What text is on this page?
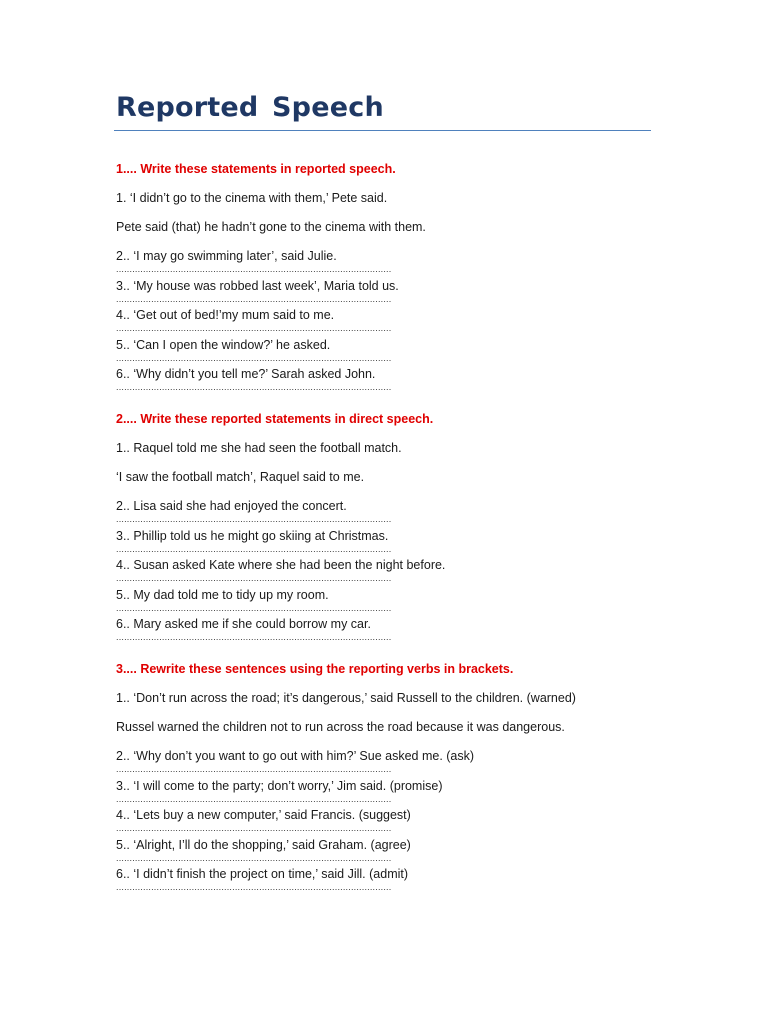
Reported Speech

1.... Write these statements in reported speech.

1. ‘I didn’t go to the cinema with them,’ Pete said.

Pete said (that) he hadn’t gone to the cinema with them.

2.. ‘I may go swimming later’, said Julie.

......................................................................................................

3.. ‘My house was robbed last week’, Maria told us.

......................................................................................................

4.. ‘Get out of bed!’my mum said to me.

......................................................................................................

5.. ‘Can I open the window?’ he asked.

......................................................................................................

6.. ‘Why didn’t you tell me?’ Sarah asked John.

......................................................................................................

2.... Write these reported statements in direct speech.

1.. Raquel told me she had seen the football match.

‘I saw the football match’, Raquel said to me.

2.. Lisa said she had enjoyed the concert.

......................................................................................................

3.. Phillip told us he might go skiing at Christmas.

......................................................................................................

4.. Susan asked Kate where she had been the night before.

......................................................................................................

5.. My dad told me to tidy up my room.

......................................................................................................

6.. Mary asked me if she could borrow my car.

......................................................................................................

3.... Rewrite these sentences using the reporting verbs in brackets.

1.. ‘Don’t run across the road; it’s dangerous,’ said Russell to the children. (warned)

Russel warned the children not to run across the road because it was dangerous.

2.. ‘Why don’t you want to go out with him?’ Sue asked me. (ask)

......................................................................................................

3.. ‘I will come to the party; don’t worry,’ Jim said. (promise)

......................................................................................................

4.. ‘Lets buy a new computer,’ said Francis. (suggest)

......................................................................................................

5.. ‘Alright, I’ll do the shopping,’ said Graham. (agree)

......................................................................................................

6.. ‘I didn’t finish the project on time,’ said Jill. (admit)

......................................................................................................
